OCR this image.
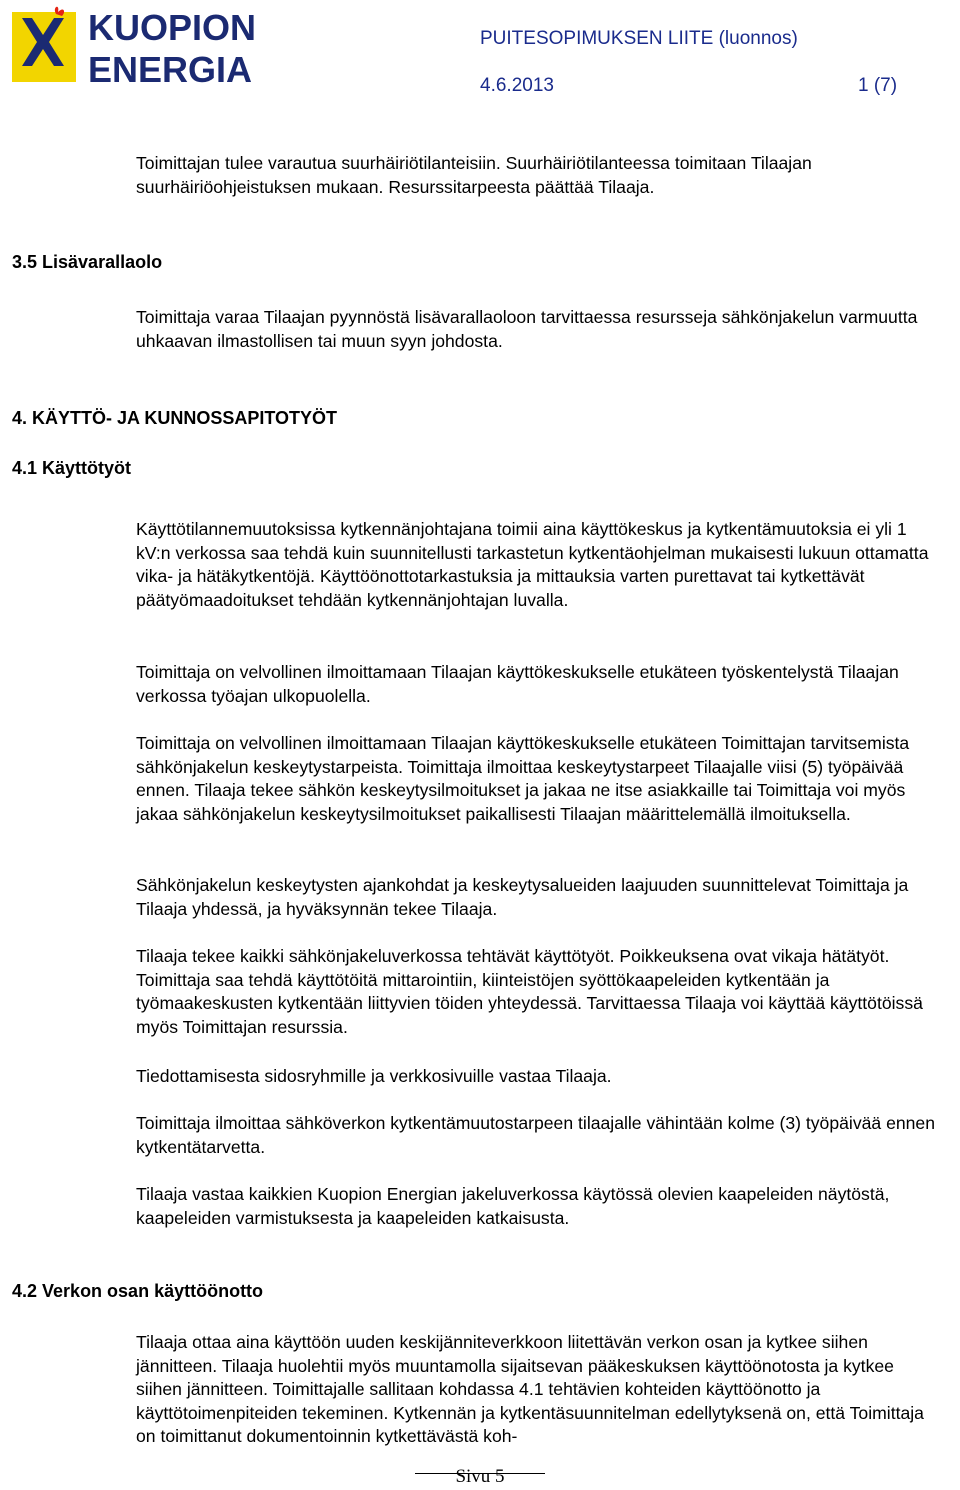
KUOPION
ENERGIA
PUITESOPIMUKSEN LIITE (luonnos)
4.6.2013	1 (7)

Toimittajan tulee varautua suurhäiriötilanteisiin. Suurhäiriötilanteessa toimitaan Tilaajan suurhäiriöohjeistuksen mukaan. Resurssitarpeesta päättää Tilaaja.

3.5 Lisävarallaolo

Toimittaja varaa Tilaajan pyynnöstä lisävarallaoloon tarvittaessa resursseja sähkönjakelun varmuutta uhkaavan ilmastollisen tai muun syyn johdosta.

4. KÄYTTÖ- JA KUNNOSSAPITOTYÖT
4.1 Käyttötyöt

Käyttötilannemuutoksissa kytkennänjohtajana toimii aina käyttökeskus ja kytkentämuutoksia ei yli 1 kV:n verkossa saa tehdä kuin suunnitellusti tarkastetun kytkentäohjelman mukaisesti lukuun ottamatta vika- ja hätäkytkentöjä. Käyttöönottotarkastuksia ja mittauksia varten purettavat tai kytkettävät päätyömaadoitukset tehdään kytkennänjohtajan luvalla.

Toimittaja on velvollinen ilmoittamaan Tilaajan käyttökeskukselle etukäteen työskentelystä Tilaajan verkossa työajan ulkopuolella.

Toimittaja on velvollinen ilmoittamaan Tilaajan käyttökeskukselle etukäteen Toimittajan tarvitsemista sähkönjakelun keskeytystarpeista. Toimittaja ilmoittaa keskeytystarpeet Tilaajalle viisi (5) työpäivää ennen. Tilaaja tekee sähkön keskeytysilmoitukset ja jakaa ne itse asiakkaille tai Toimittaja voi myös jakaa sähkönjakelun keskeytysilmoitukset paikallisesti Tilaajan määrittelemällä ilmoituksella.

Sähkönjakelun keskeytysten ajankohdat ja keskeytysalueiden laajuuden suunnittelevat Toimittaja ja Tilaaja yhdessä, ja hyväksynnän tekee Tilaaja.

Tilaaja tekee kaikki sähkönjakeluverkossa tehtävät käyttötyöt. Poikkeuksena ovat vikaja hätätyöt. Toimittaja saa tehdä käyttötöitä mittarointiin, kiinteistöjen syöttökaapeleiden kytkentään ja työmaakeskusten kytkentään liittyvien töiden yhteydessä. Tarvittaessa Tilaaja voi käyttää käyttötöissä myös Toimittajan resurssia.

Tiedottamisesta sidosryhmille ja verkkosivuille vastaa Tilaaja.

Toimittaja ilmoittaa sähköverkon kytkentämuutostarpeen tilaajalle vähintään kolme (3) työpäivää ennen kytkentätarvetta.

Tilaaja vastaa kaikkien Kuopion Energian jakeluverkossa käytössä olevien kaapeleiden näytöstä, kaapeleiden varmistuksesta ja kaapeleiden katkaisusta.

4.2 Verkon osan käyttöönotto

Tilaaja ottaa aina käyttöön uuden keskijänniteverkkoon liitettävän verkon osan ja kytkee siihen jännitteen. Tilaaja huolehtii myös muuntamolla sijaitsevan pääkeskuksen käyttöönotosta ja kytkee siihen jännitteen. Toimittajalle sallitaan kohdassa 4.1 tehtävien kohteiden käyttöönotto ja käyttötoimenpiteiden tekeminen. Kytkennän ja kytkentäsuunnitelman edellytyksenä on, että Toimittaja on toimittanut dokumentoinnin kytkettävästä koh-

Sivu 5
